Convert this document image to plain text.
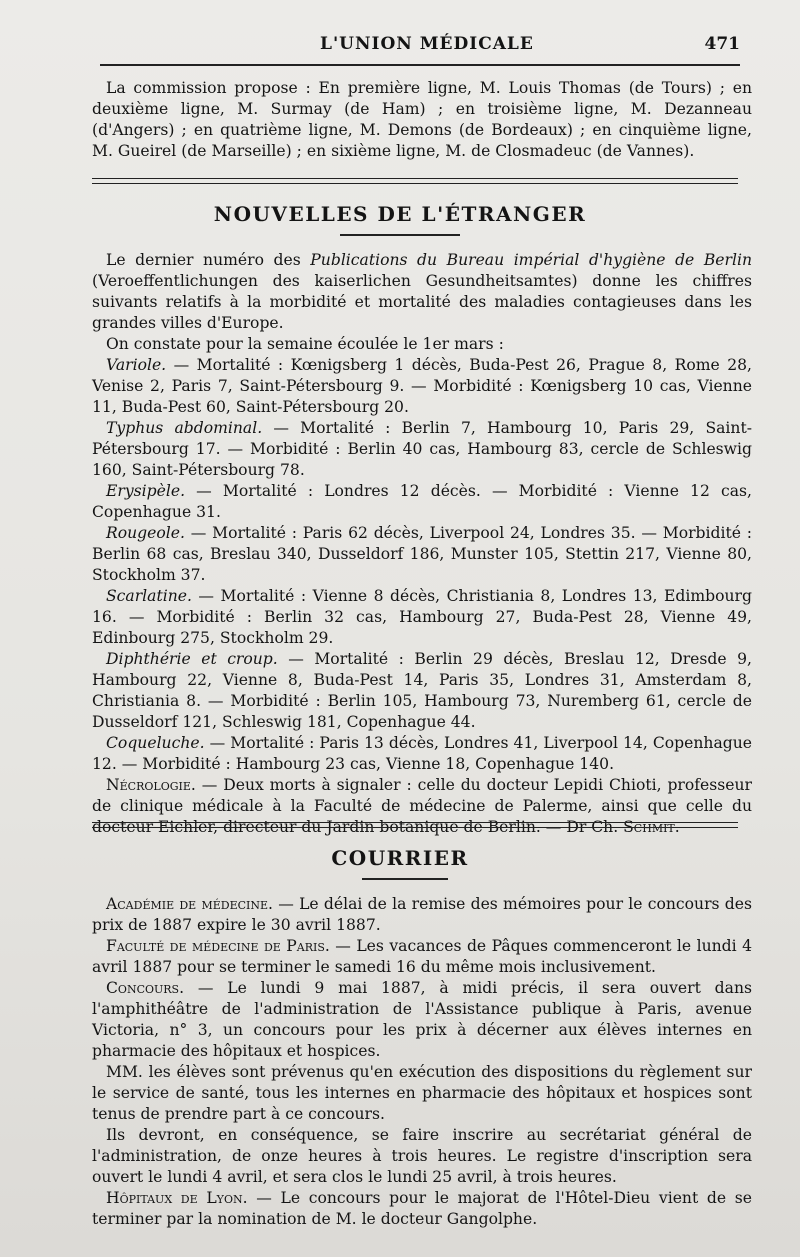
L'UNION MÉDICALE	471

La commission propose : En première ligne, M. Louis Thomas (de Tours) ; en deuxième ligne, M. Surmay (de Ham) ; en troisième ligne, M. Dezanneau (d'Angers) ; en quatrième ligne, M. Demons (de Bordeaux) ; en cinquième ligne, M. Gueirel (de Marseille) ; en sixième ligne, M. de Closmadeuc (de Vannes).

NOUVELLES DE L'ÉTRANGER

Le dernier numéro des Publications du Bureau impérial d'hygiène de Berlin (Veroeffentlichungen des kaiserlichen Gesundheitsamtes) donne les chiffres suivants relatifs à la morbidité et mortalité des maladies contagieuses dans les grandes villes d'Europe.

On constate pour la semaine écoulée le 1er mars :

Variole. — Mortalité : Kœnigsberg 1 décès, Buda-Pest 26, Prague 8, Rome 28, Venise 2, Paris 7, Saint-Pétersbourg 9. — Morbidité : Kœnigsberg 10 cas, Vienne 11, Buda-Pest 60, Saint-Pétersbourg 20.

Typhus abdominal. — Mortalité : Berlin 7, Hambourg 10, Paris 29, Saint-Pétersbourg 17. — Morbidité : Berlin 40 cas, Hambourg 83, cercle de Schleswig 160, Saint-Pétersbourg 78.

Erysipèle. — Mortalité : Londres 12 décès. — Morbidité : Vienne 12 cas, Copenhague 31.

Rougeole. — Mortalité : Paris 62 décès, Liverpool 24, Londres 35. — Morbidité : Berlin 68 cas, Breslau 340, Dusseldorf 186, Munster 105, Stettin 217, Vienne 80, Stockholm 37.

Scarlatine. — Mortalité : Vienne 8 décès, Christiania 8, Londres 13, Edimbourg 16. — Morbidité : Berlin 32 cas, Hambourg 27, Buda-Pest 28, Vienne 49, Edinbourg 275, Stockholm 29.

Diphthérie et croup. — Mortalité : Berlin 29 décès, Breslau 12, Dresde 9, Hambourg 22, Vienne 8, Buda-Pest 14, Paris 35, Londres 31, Amsterdam 8, Christiania 8. — Morbidité : Berlin 105, Hambourg 73, Nuremberg 61, cercle de Dusseldorf 121, Schleswig 181, Copenhague 44.

Coqueluche. — Mortalité : Paris 13 décès, Londres 41, Liverpool 14, Copenhague 12. — Morbidité : Hambourg 23 cas, Vienne 18, Copenhague 140.

Nécrologie. — Deux morts à signaler : celle du docteur Lepidi Chioti, professeur de clinique médicale à la Faculté de médecine de Palerme, ainsi que celle du docteur Eichler, directeur du Jardin botanique de Berlin. — Dr Ch. Schmit.

COURRIER

Académie de médecine. — Le délai de la remise des mémoires pour le concours des prix de 1887 expire le 30 avril 1887.

Faculté de médecine de Paris. — Les vacances de Pâques commenceront le lundi 4 avril 1887 pour se terminer le samedi 16 du même mois inclusivement.

Concours. — Le lundi 9 mai 1887, à midi précis, il sera ouvert dans l'amphithéâtre de l'administration de l'Assistance publique à Paris, avenue Victoria, n° 3, un concours pour les prix à décerner aux élèves internes en pharmacie des hôpitaux et hospices.

MM. les élèves sont prévenus qu'en exécution des dispositions du règlement sur le service de santé, tous les internes en pharmacie des hôpitaux et hospices sont tenus de prendre part à ce concours.

Ils devront, en conséquence, se faire inscrire au secrétariat général de l'administration, de onze heures à trois heures. Le registre d'inscription sera ouvert le lundi 4 avril, et sera clos le lundi 25 avril, à trois heures.

Hôpitaux de Lyon. — Le concours pour le majorat de l'Hôtel-Dieu vient de se terminer par la nomination de M. le docteur Gangolphe.
